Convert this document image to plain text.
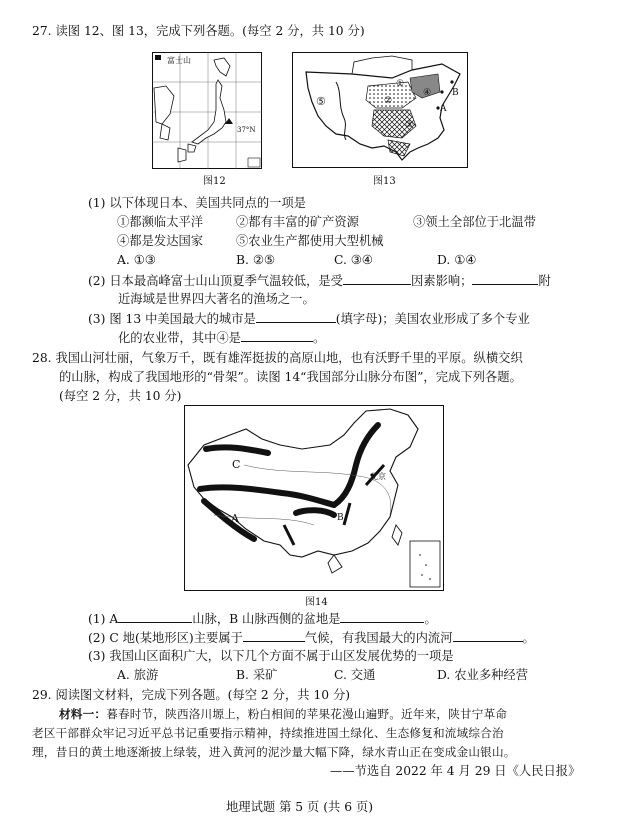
27. 读图 12、图 13，完成下列各题。(每空 2 分，共 10 分)
富士山
37°N
图12
⑤
①
②
③
④
A
B
图13
(1) 以下体现日本、美国共同点的一项是
①都濒临太平洋	②都有丰富的矿产资源	③领土全部位于北温带
④都是发达国家	⑤农业生产都使用大型机械
A. ①③	B. ②⑤	C. ③④	D. ①④
(2) 日本最高峰富士山山顶夏季气温较低，是受	因素影响；	附
近海域是世界四大著名的渔场之一。
(3) 图 13 中美国最大的城市是	(填字母)；美国农业形成了多个专业
化的农业带，其中④是	。
28. 我国山河壮丽，气象万千，既有雄浑挺拔的高原山地，也有沃野千里的平原。纵横交织
的山脉，构成了我国地形的“骨架”。读图 14“我国部分山脉分布图”，完成下列各题。
(每空 2 分，共 10 分)
C
A	B
北京
图14
(1) A	山脉，B 山脉西侧的盆地是	。
(2) C 地(某地形区)主要属于	气候，有我国最大的内流河	。
(3) 我国山区面积广大，以下几个方面不属于山区发展优势的一项是
A. 旅游	B. 采矿	C. 交通	D. 农业多种经营
29. 阅读图文材料，完成下列各题。(每空 2 分，共 10 分)
材料一：暮春时节，陕西洛川塬上，粉白相间的苹果花漫山遍野。近年来，陕甘宁革命
老区干部群众牢记习近平总书记重要指示精神，持续推进国土绿化、生态修复和流域综合治
理，昔日的黄土地逐渐披上绿装，进入黄河的泥沙量大幅下降，绿水青山正在变成金山银山。
——节选自 2022 年 4 月 29 日《人民日报》
地理试题 第 5 页 (共 6 页)
